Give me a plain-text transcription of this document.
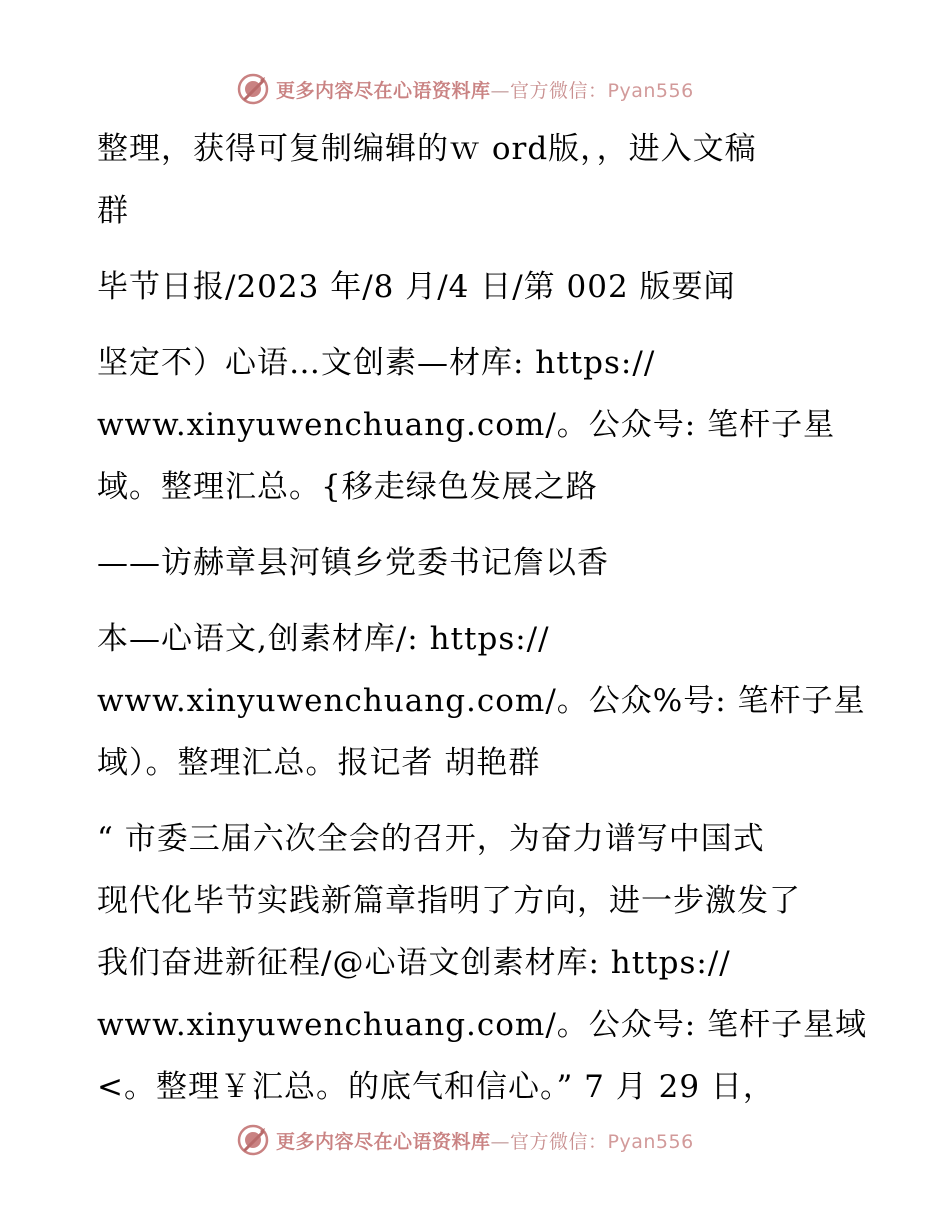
更多内容尽在心语资料库—官方微信：Pyan556
整理，获得可复制编辑的ｗ ord版，，进入文稿
群
毕节日报/2023 年/8 月/4 日/第 002 版要闻
坚定不）心语…文创素—材库: https://
www.xinyuwenchuang.com/。公众号: 笔杆子星
域。整理汇总。{移走绿色发展之路
——访赫章县河镇乡党委书记詹以香
本—心语文,创素材库/: https://
www.xinyuwenchuang.com/。公众%号: 笔杆子星
域）。整理汇总。报记者 胡艳群
“ 市委三届六次全会的召开，为奋力谱写中国式
现代化毕节实践新篇章指明了方向，进一步激发了
我们奋进新征程/@心语文创素材库: https://
www.xinyuwenchuang.com/。公众号: 笔杆子星域
<。整理￥汇总。的底气和信心。” 7 月 29 日，
更多内容尽在心语资料库—官方微信：Pyan556
